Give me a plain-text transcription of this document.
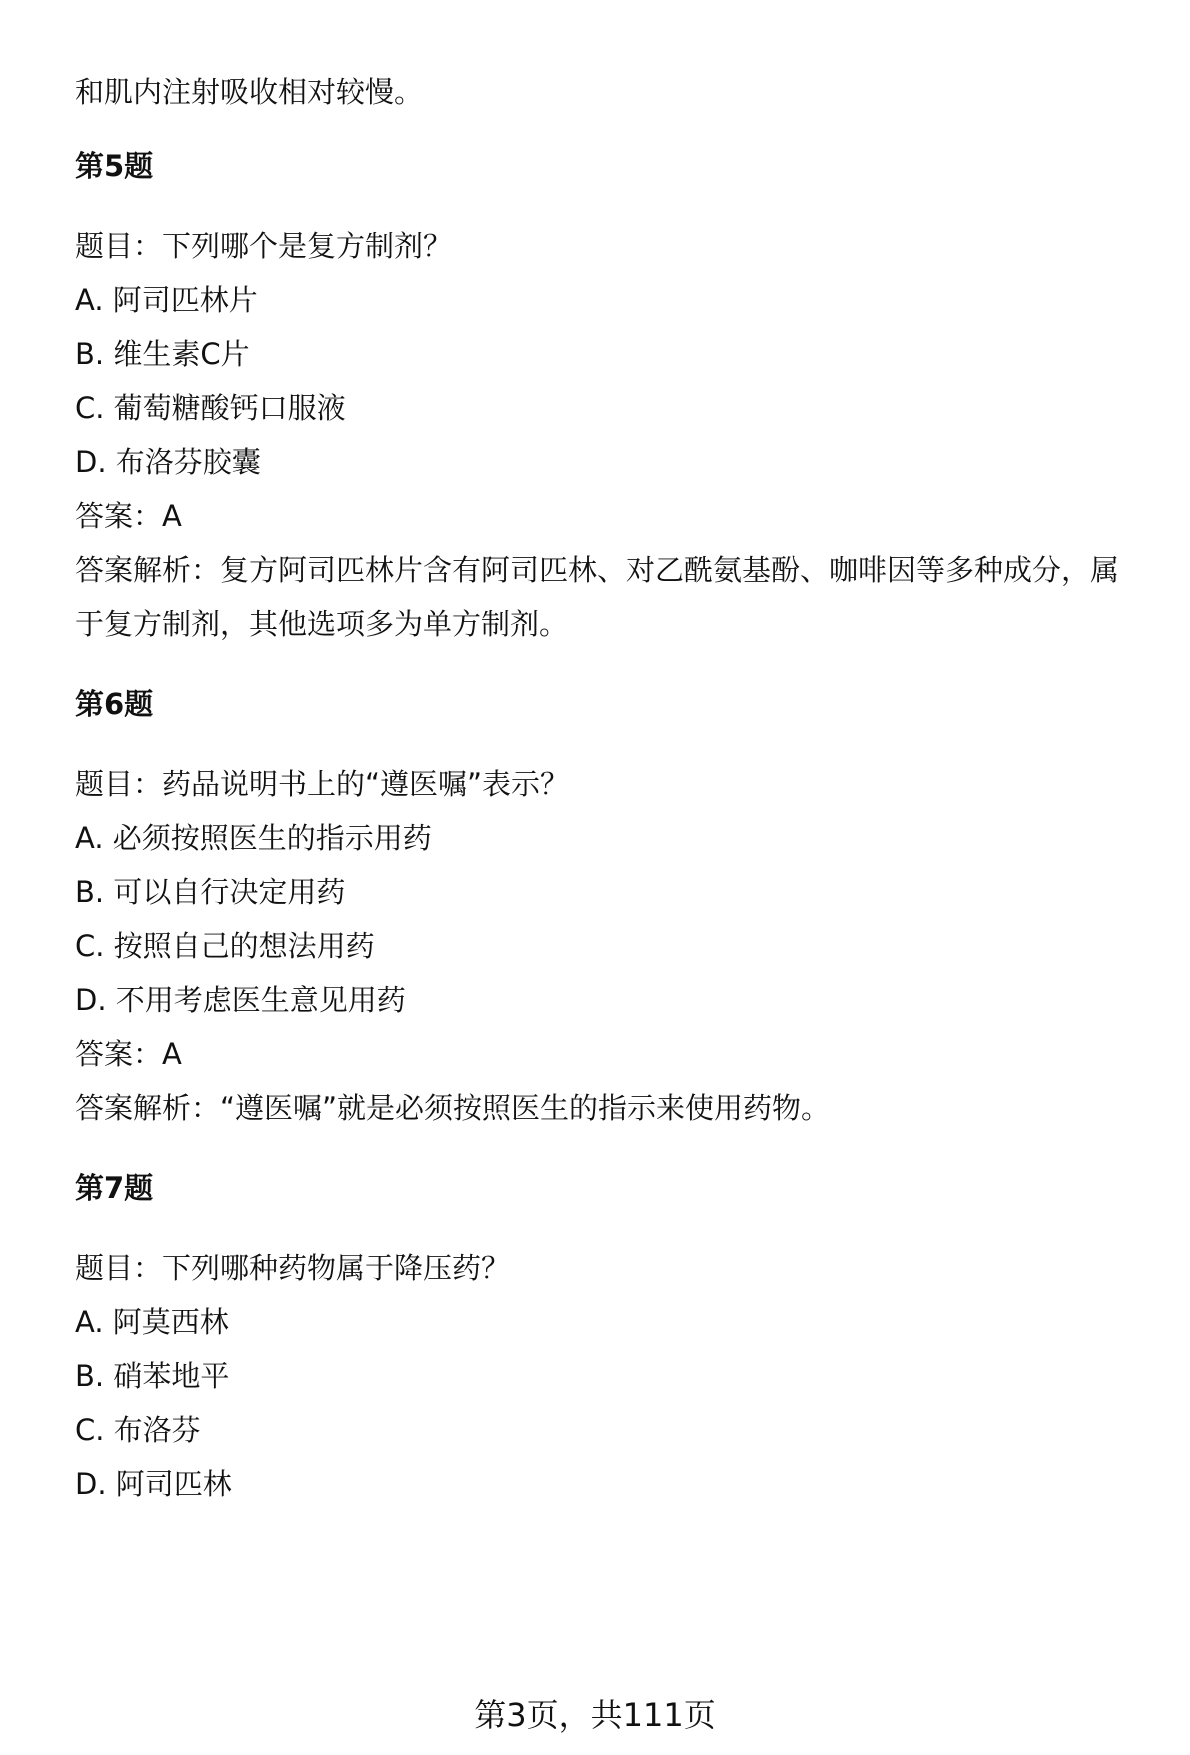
和肌内注射吸收相对较慢。
第5题
题目：下列哪个是复方制剂？
A. 阿司匹林片
B. 维生素C片
C. 葡萄糖酸钙口服液
D. 布洛芬胶囊
答案：A
答案解析：复方阿司匹林片含有阿司匹林、对乙酰氨基酚、咖啡因等多种成分，属
于复方制剂，其他选项多为单方制剂。
第6题
题目：药品说明书上的“遵医嘱”表示？
A. 必须按照医生的指示用药
B. 可以自行决定用药
C. 按照自己的想法用药
D. 不用考虑医生意见用药
答案：A
答案解析：“遵医嘱”就是必须按照医生的指示来使用药物。
第7题
题目：下列哪种药物属于降压药？
A. 阿莫西林
B. 硝苯地平
C. 布洛芬
D. 阿司匹林
第3页，共111页
